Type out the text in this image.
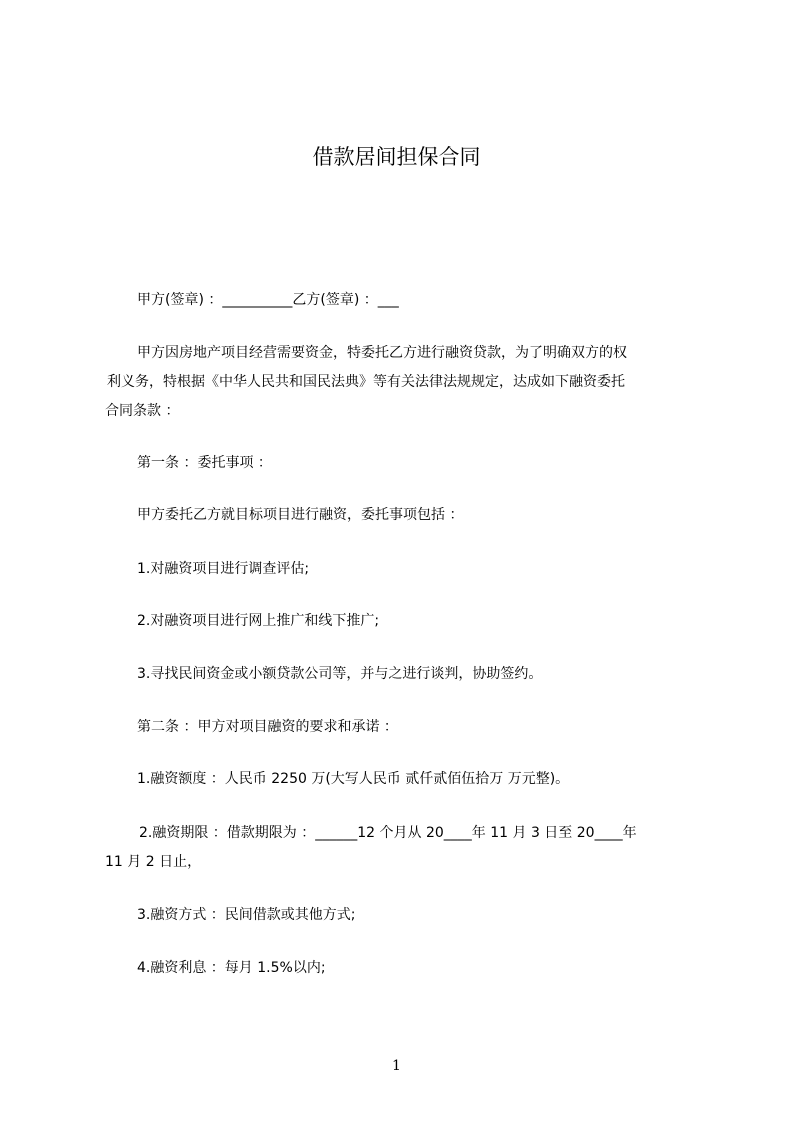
借款居间担保合同
甲方(签章) ：__________乙方(签章) ：___
甲方因房地产项目经营需要资金，特委托乙方进行融资贷款，为了明确双方的权
利义务，特根据《中华人民共和国民法典》等有关法律法规规定，达成如下融资委托
合同条款 ：
第一条 ：委托事项 ：
甲方委托乙方就目标项目进行融资，委托事项包括 ：
1.对融资项目进行调查评估;
2.对融资项目进行网上推广和线下推广;
3.寻找民间资金或小额贷款公司等，并与之进行谈判，协助签约。
第二条 ：甲方对项目融资的要求和承诺 ：
1.融资额度 ：人民币 2250 万(大写人民币 贰仟贰佰伍拾万 万元整)。
2.融资期限 ：借款期限为 ：______12 个月从 20____年 11 月 3 日至 20____年
11 月 2 日止，
3.融资方式 ：民间借款或其他方式;
4.融资利息 ：每月 1.5%以内;
1
